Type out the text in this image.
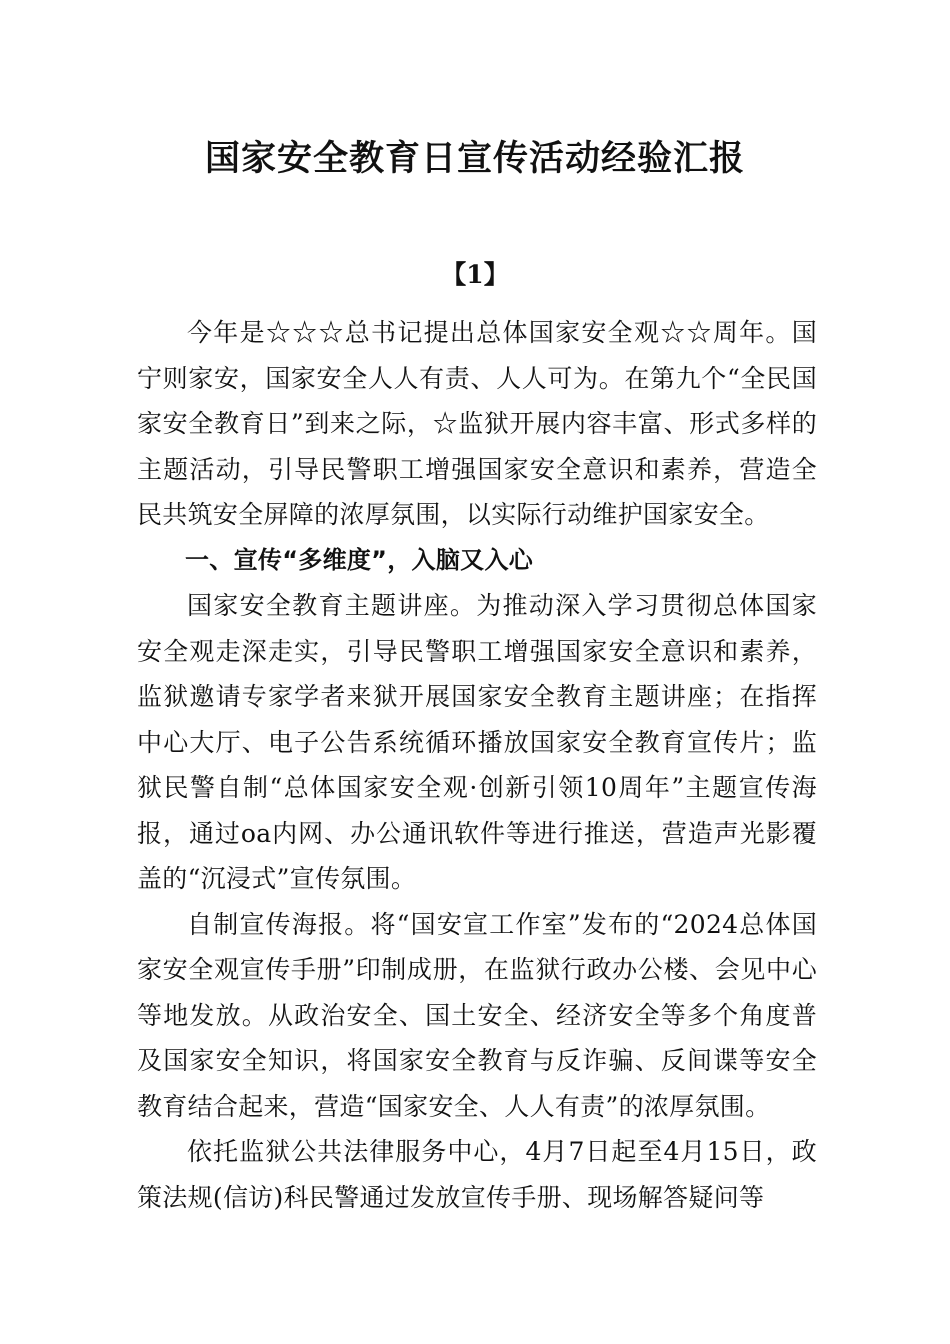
国家安全教育日宣传活动经验汇报
【1】

今年是☆☆☆总书记提出总体国家安全观☆☆周年。国宁则家安，国家安全人人有责、人人可为。在第九个“全民国家安全教育日”到来之际，☆监狱开展内容丰富、形式多样的主题活动，引导民警职工增强国家安全意识和素养，营造全民共筑安全屏障的浓厚氛围，以实际行动维护国家安全。

一、宣传“多维度”，入脑又入心

国家安全教育主题讲座。为推动深入学习贯彻总体国家安全观走深走实，引导民警职工增强国家安全意识和素养，监狱邀请专家学者来狱开展国家安全教育主题讲座；在指挥中心大厅、电子公告系统循环播放国家安全教育宣传片；监狱民警自制“总体国家安全观·创新引领10周年”主题宣传海报，通过oa内网、办公通讯软件等进行推送，营造声光影覆盖的“沉浸式”宣传氛围。

自制宣传海报。将“国安宣工作室”发布的“2024总体国家安全观宣传手册”印制成册，在监狱行政办公楼、会见中心等地发放。从政治安全、国土安全、经济安全等多个角度普及国家安全知识，将国家安全教育与反诈骗、反间谍等安全教育结合起来，营造“国家安全、人人有责”的浓厚氛围。

依托监狱公共法律服务中心，4月7日起至4月15日，政策法规(信访)科民警通过发放宣传手册、现场解答疑问等
